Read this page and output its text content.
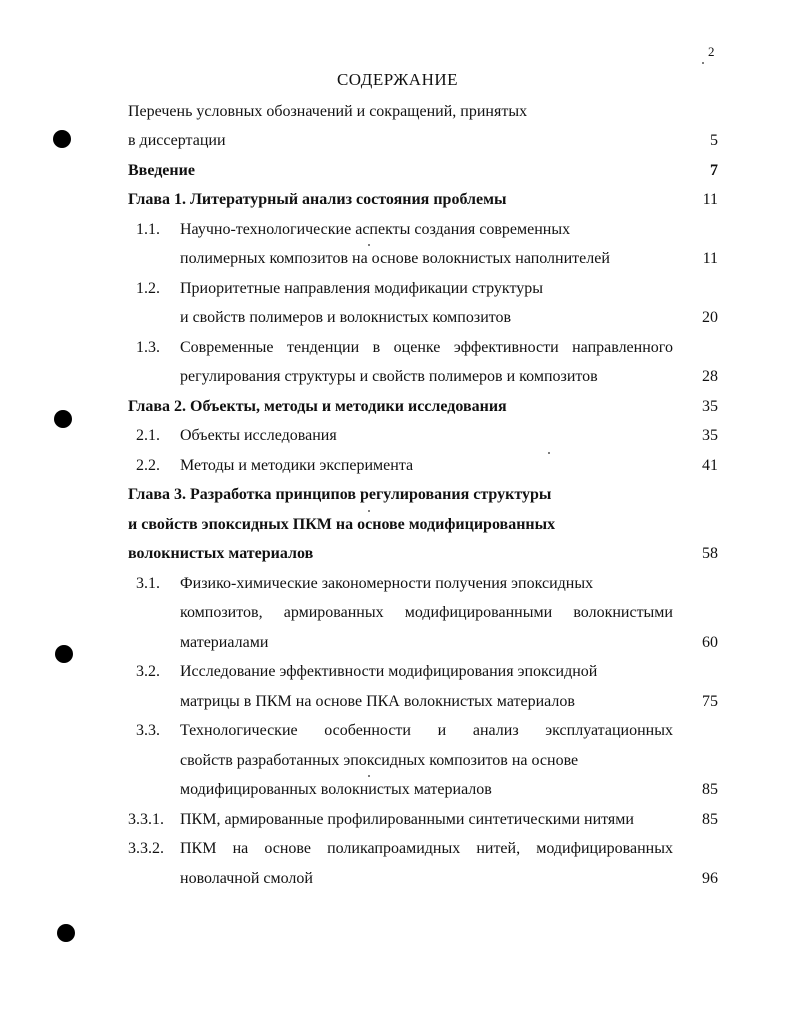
2
СОДЕРЖАНИЕ
Перечень условных обозначений и сокращений, принятых
в диссертации	5
Введение	7
Глава 1. Литературный анализ состояния проблемы	11
1.1. Научно-технологические аспекты создания современных
полимерных композитов на основе волокнистых наполнителей	11
1.2. Приоритетные направления модификации структуры
и свойств полимеров и волокнистых композитов	20
1.3. Современные тенденции в оценке эффективности направленного
регулирования структуры и свойств полимеров и композитов	28
Глава 2. Объекты, методы и методики исследования	35
2.1. Объекты исследования	35
2.2. Методы и методики эксперимента	41
Глава 3. Разработка принципов регулирования структуры
и свойств эпоксидных ПКМ на основе модифицированных
волокнистых материалов	58
3.1. Физико-химические закономерности получения эпоксидных
композитов, армированных модифицированными волокнистыми
материалами	60
3.2. Исследование эффективности модифицирования эпоксидной
матрицы в ПКМ на основе ПКА волокнистых материалов	75
3.3. Технологические особенности и анализ эксплуатационных
свойств разработанных эпоксидных композитов на основе
модифицированных волокнистых материалов	85
3.3.1. ПКМ, армированные профилированными синтетическими нитями	85
3.3.2. ПКМ на основе поликапроамидных нитей, модифицированных
новолачной смолой	96
